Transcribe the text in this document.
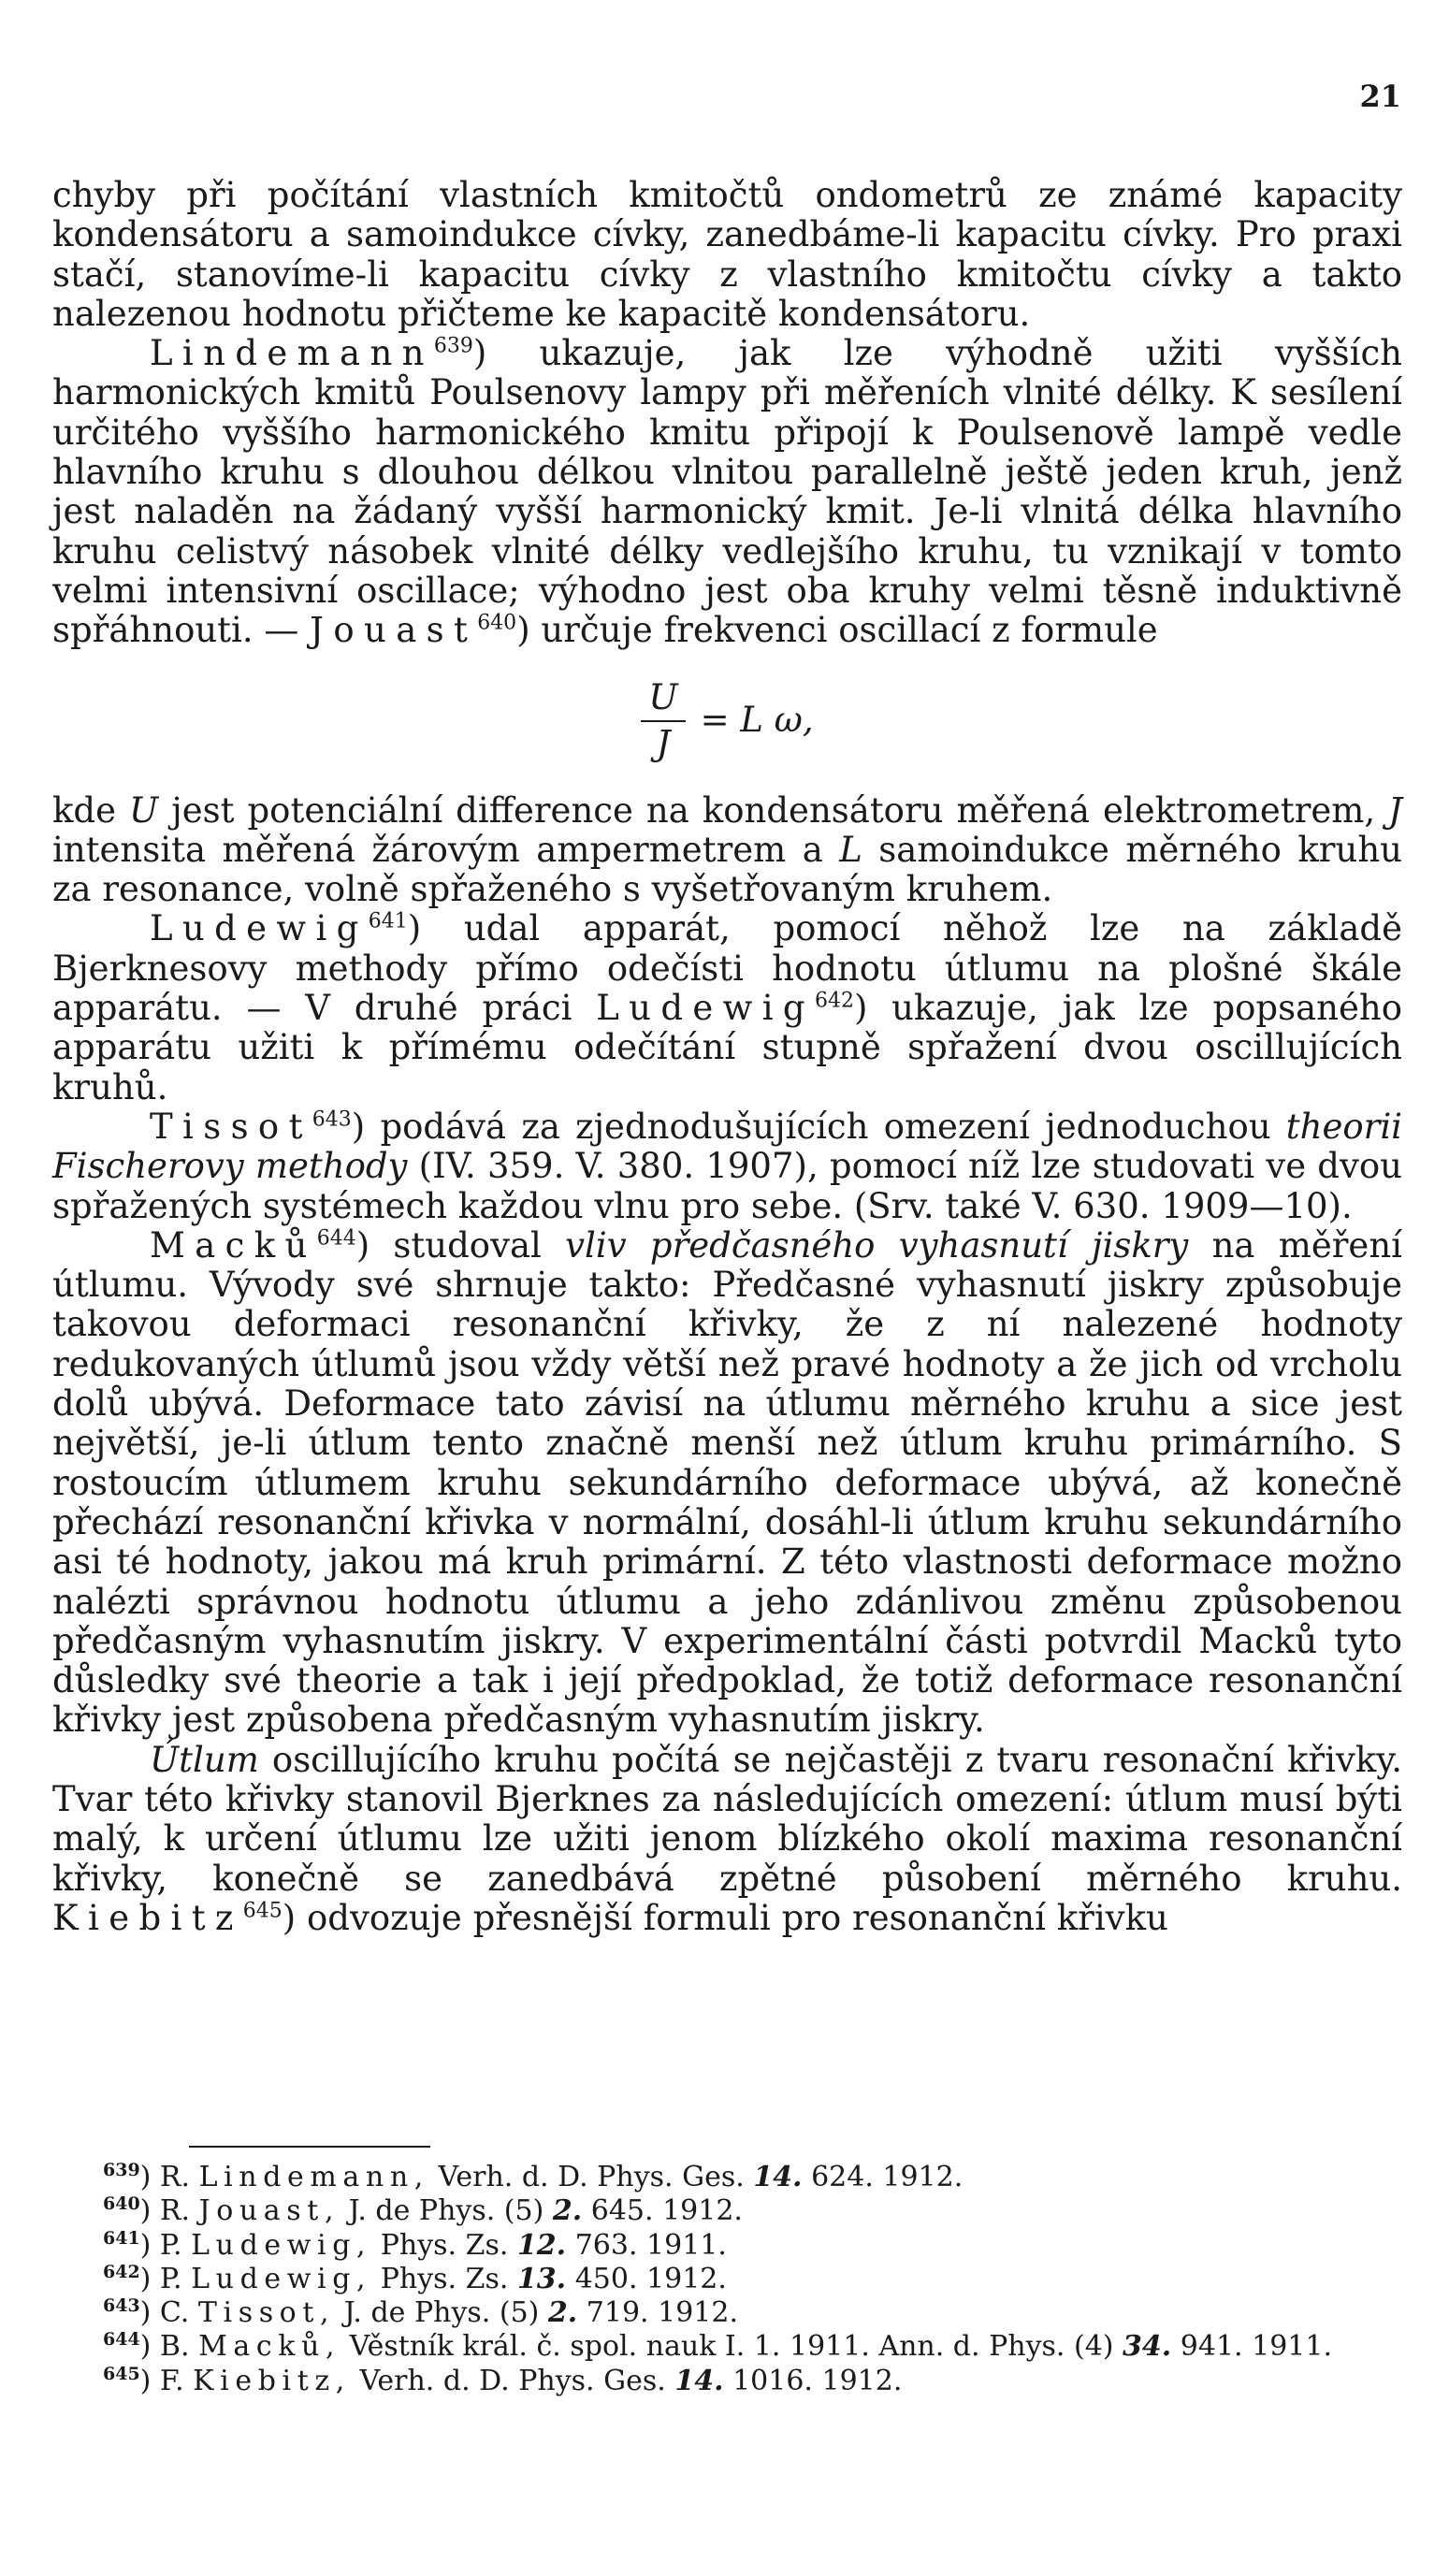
21

chyby při počítání vlastních kmitočtů ondometrů ze známé kapacity kondensátoru a samoindukce cívky, zanedbáme-li kapacitu cívky. Pro praxi stačí, stanovíme-li kapacitu cívky z vlastního kmitočtu cívky a takto nalezenou hodnotu přičteme ke kapacitě kondensátoru.

Lindemann$^{639}$) ukazuje, jak lze výhodně užiti vyšších harmonických kmitů Poulsenovy lampy při měřeních vlnité délky. K sesílení určitého vyššího harmonického kmitu připojí k Poulsenově lampě vedle hlavního kruhu s dlouhou délkou vlnitou parallelně ještě jeden kruh, jenž jest naladěn na žádaný vyšší harmonický kmit. Je-li vlnitá délka hlavního kruhu celistvý násobek vlnité délky vedlejšího kruhu, tu vznikají v tomto velmi intensivní oscillace; výhodno jest oba kruhy velmi těsně induktivně spřáhnouti. — Jouast$^{640}$) určuje frekvenci oscillací z formule

$\frac{U}{J} = L$ ω,

kde U jest potenciální difference na kondensátoru měřená elektrometrem, J intensita měřená žárovým ampermetrem a L samoindukce měrného kruhu za resonance, volně spřaženého s vyšetřovaným kruhem.

Ludewig$^{641}$) udal apparát, pomocí něhož lze na základě Bjerknesovy methody přímo odečísti hodnotu útlumu na plošné škále apparátu. — V druhé práci Ludewig$^{642}$) ukazuje, jak lze popsaného apparátu užiti k přímému odečítání stupně spřažení dvou oscillujících kruhů.

Tissot$^{643}$) podává za zjednodušujících omezení jednoduchou theorii Fischerovy methody (IV. 359. V. 380. 1907), pomocí níž lze studovati ve dvou spřažených systémech každou vlnu pro sebe. (Srv. také V. 630. 1909—10).

Macků$^{644}$) studoval vliv předčasného vyhasnutí jiskry na měření útlumu. Vývody své shrnuje takto: Předčasné vyhasnutí jiskry způsobuje takovou deformaci resonanční křivky, že z ní nalezené hodnoty redukovaných útlumů jsou vždy větší než pravé hodnoty a že jich od vrcholu dolů ubývá. Deformace tato závisí na útlumu měrného kruhu a sice jest největší, je-li útlum tento značně menší než útlum kruhu primárního. S rostoucím útlumem kruhu sekundárního deformace ubývá, až konečně přechází resonanční křivka v normální, dosáhl-li útlum kruhu sekundárního asi té hodnoty, jakou má kruh primární. Z této vlastnosti deformace možno nalézti správnou hodnotu útlumu a jeho zdánlivou změnu způsobenou předčasným vyhasnutím jiskry. V experimentální části potvrdil Macků tyto důsledky své theorie a tak i její předpoklad, že totiž deformace resonanční křivky jest způsobena předčasným vyhasnutím jiskry.

Útlum oscillujícího kruhu počítá se nejčastěji z tvaru resonační křivky. Tvar této křivky stanovil Bjerknes za následujících omezení: útlum musí býti malý, k určení útlumu lze užiti jenom blízkého okolí maxima resonanční křivky, konečně se zanedbává zpětné působení měrného kruhu. Kiebitz$^{645}$) odvozuje přesnější formuli pro resonanční křivku

$^{639}$) R. Lindemann, Verh. d. D. Phys. Ges. 14. 624. 1912.

$^{640}$) R. Jouast, J. de Phys. (5) 2. 645. 1912.

$^{641}$) P. Ludewig, Phys. Zs. 12. 763. 1911.

$^{642}$) P. Ludewig, Phys. Zs. 13. 450. 1912.

$^{643}$) C. Tissot, J. de Phys. (5) 2. 719. 1912.

$^{644}$) B. Macků, Věstník král. č. spol. nauk I. 1. 1911. Ann. d. Phys. (4) 34. 941. 1911.

$^{645}$) F. Kiebitz, Verh. d. D. Phys. Ges. 14. 1016. 1912.
